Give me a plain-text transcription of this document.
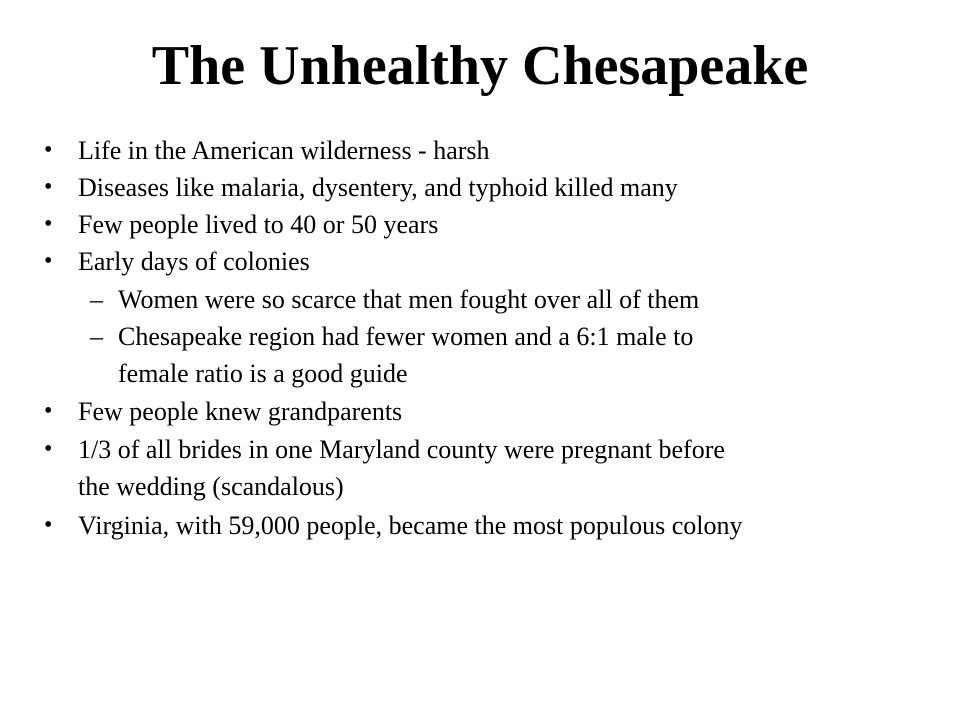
The Unhealthy Chesapeake
• Life in the American wilderness - harsh
• Diseases like malaria, dysentery, and typhoid killed many
• Few people lived to 40 or 50 years
• Early days of colonies
– Women were so scarce that men fought over all of them
– Chesapeake region had fewer women and a 6:1 male to
female ratio is a good guide
• Few people knew grandparents
• 1/3 of all brides in one Maryland county were pregnant before
the wedding (scandalous)
• Virginia, with 59,000 people, became the most populous colony
